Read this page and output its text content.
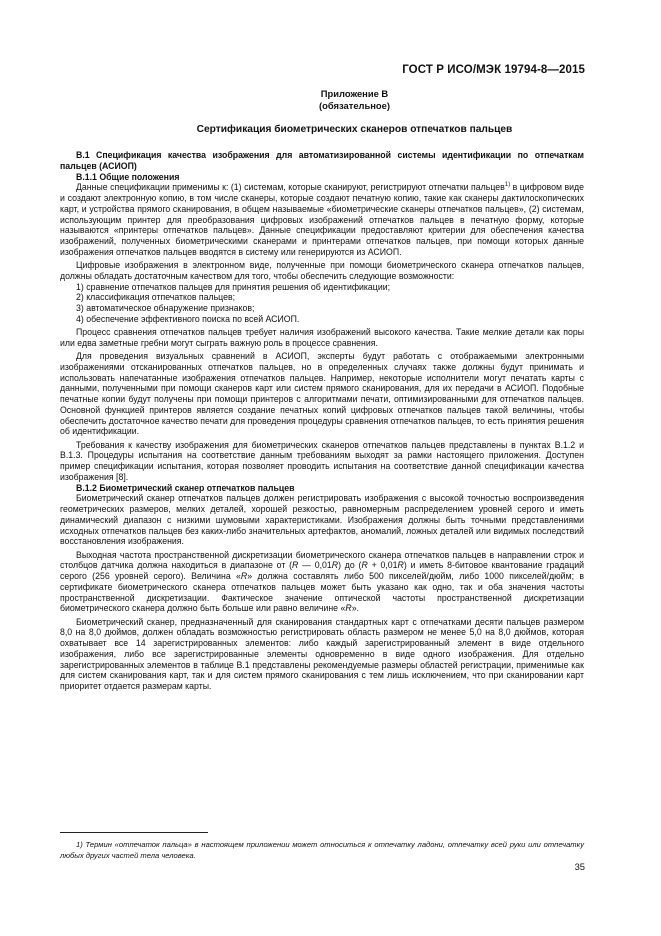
ГОСТ Р ИСО/МЭК 19794-8—2015
Приложение В
(обязательное)
Сертификация биометрических сканеров отпечатков пальцев

В.1 Спецификация качества изображения для автоматизированной системы идентификации по отпечаткам пальцев (АСИОП)

В.1.1 Общие положения

Данные спецификации применимы к: (1) системам, которые сканируют, регистрируют отпечатки пальцев$^{1)}$ в цифровом виде и создают электронную копию, в том числе сканеры, которые создают печатную копию, такие как сканеры дактилоскопических карт, и устройства прямого сканирования, в общем называемые «биометрические сканеры отпечатков пальцев», (2) системам, использующим принтер для преобразования цифровых изображений отпечатков пальцев в печатную форму, которые называются «принтеры отпечатков пальцев». Данные спецификации предоставляют критерии для обеспечения качества изображений, полученных биометрическими сканерами и принтерами отпечатков пальцев, при помощи которых данные изображения отпечатков пальцев вводятся в систему или генерируются из АСИОП.

Цифровые изображения в электронном виде, полученные при помощи биометрического сканера отпечатков пальцев, должны обладать достаточным качеством для того, чтобы обеспечить следующие возможности:

1) сравнение отпечатков пальцев для принятия решения об идентификации;

2) классификация отпечатков пальцев;

3) автоматическое обнаружение признаков;

4) обеспечение эффективного поиска по всей АСИОП.

Процесс сравнения отпечатков пальцев требует наличия изображений высокого качества. Такие мелкие детали как поры или едва заметные гребни могут сыграть важную роль в процессе сравнения.

Для проведения визуальных сравнений в АСИОП, эксперты будут работать с отображаемыми электронными изображениями отсканированных отпечатков пальцев, но в определенных случаях также должны будут принимать и использовать напечатанные изображения отпечатков пальцев. Например, некоторые исполнители могут печатать карты с данными, полученными при помощи сканеров карт или систем прямого сканирования, для их передачи в АСИОП. Подобные печатные копии будут получены при помощи принтеров с алгоритмами печати, оптимизированными для отпечатков пальцев. Основной функцией принтеров является создание печатных копий цифровых отпечатков пальцев такой величины, чтобы обеспечить достаточное качество печати для проведения процедуры сравнения отпечатков пальцев, то есть принятия решения об идентификации.

Требования к качеству изображения для биометрических сканеров отпечатков пальцев представлены в пунктах В.1.2 и В.1.3. Процедуры испытания на соответствие данным требованиям выходят за рамки настоящего приложения. Доступен пример спецификации испытания, которая позволяет проводить испытания на соответствие данной спецификации качества изображения [8].

В.1.2 Биометрический сканер отпечатков пальцев

Биометрический сканер отпечатков пальцев должен регистрировать изображения с высокой точностью воспроизведения геометрических размеров, мелких деталей, хорошей резкостью, равномерным распределением уровней серого и иметь динамический диапазон с низкими шумовыми характеристиками. Изображения должны быть точными представлениями исходных отпечатков пальцев без каких-либо значительных артефактов, аномалий, ложных деталей или видимых последствий восстановления изображения.

Выходная частота пространственной дискретизации биометрического сканера отпечатков пальцев в направлении строк и столбцов датчика должна находиться в диапазоне от (R — 0,01R) до (R + 0,01R) и иметь 8-битовое квантование градаций серого (256 уровней серого). Величина «R» должна составлять либо 500 пикселей/дюйм, либо 1000 пикселей/дюйм; в сертификате биометрического сканера отпечатков пальцев может быть указано как одно, так и оба значения частоты пространственной дискретизации. Фактическое значение оптической частоты пространственной дискретизации биометрического сканера должно быть больше или равно величине «R».

Биометрический сканер, предназначенный для сканирования стандартных карт с отпечатками десяти пальцев размером 8,0 на 8,0 дюймов, должен обладать возможностью регистрировать область размером не менее 5,0 на 8,0 дюймов, которая охватывает все 14 зарегистрированных элементов: либо каждый зарегистрированный элемент в виде отдельного изображения, либо все зарегистрированные элементы одновременно в виде одного изображения. Для отдельно зарегистрированных элементов в таблице В.1 представлены рекомендуемые размеры областей регистрации, применимые как для систем сканирования карт, так и для систем прямого сканирования с тем лишь исключением, что при сканировании карт приоритет отдается размерам карты.

1) Термин «отпечаток пальца» в настоящем приложении может относиться к отпечатку ладони, отпечатку всей руки или отпечатку любых других частей тела человека.
35
